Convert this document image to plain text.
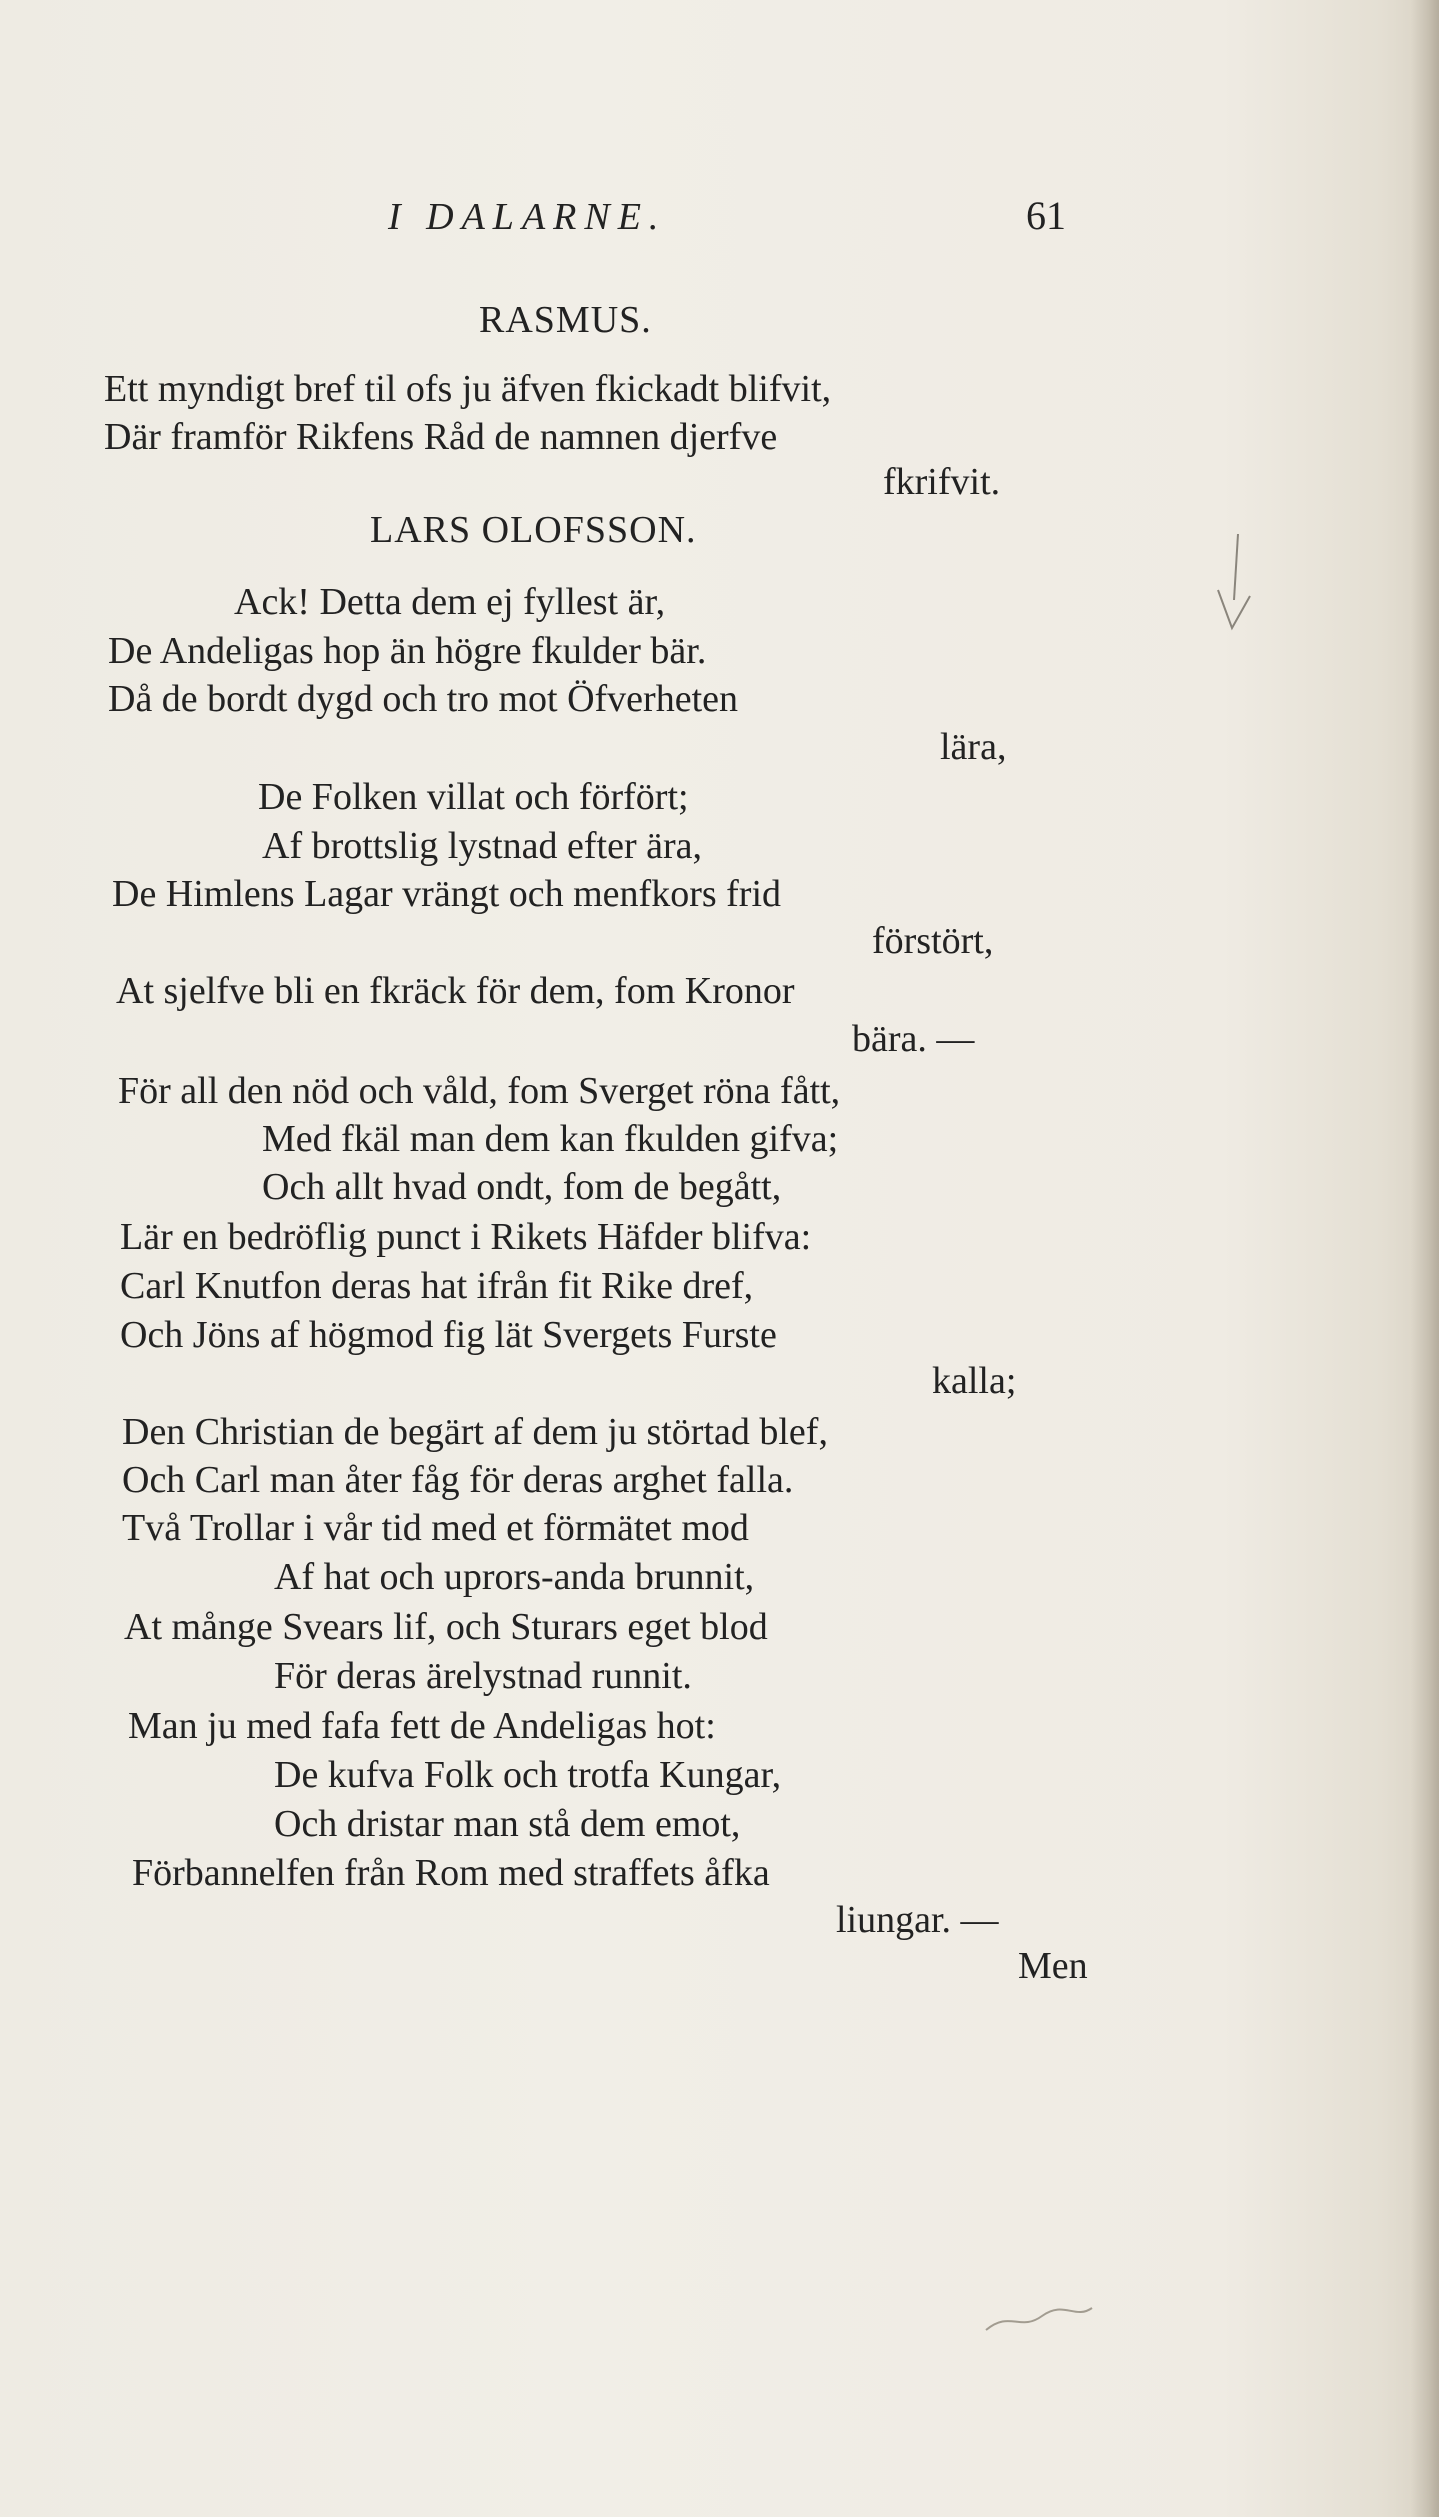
I DALARNE.	61
RASMUS.
Ett myndigt bref til ofs ju äfven fkickadt blifvit,
Där framför Rikfens Råd de namnen djerfve
fkrifvit.
LARS OLOFSSON.
Ack! Detta dem ej fyllest är,
De Andeligas hop än högre fkulder bär.
Då de bordt dygd och tro mot Öfverheten
lära,
De Folken villat och förfört;
Af brottslig lystnad efter ära,
De Himlens Lagar vrängt och menfkors frid
förstört,
At sjelfve bli en fkräck för dem, fom Kronor
bära. —
För all den nöd och våld, fom Sverget röna fått,
Med fkäl man dem kan fkulden gifva;
Och allt hvad ondt, fom de begått,
Lär en bedröflig punct i Rikets Häfder blifva:
Carl Knutfon deras hat ifrån fit Rike dref,
Och Jöns af högmod fig lät Svergets Furste
kalla;
Den Christian de begärt af dem ju störtad blef,
Och Carl man åter fåg för deras arghet falla.
Två Trollar i vår tid med et förmätet mod
Af hat och uprors-anda brunnit,
At månge Svears lif, och Sturars eget blod
För deras ärelystnad runnit.
Man ju med fafa fett de Andeligas hot:
De kufva Folk och trotfa Kungar,
Och dristar man stå dem emot,
Förbannelfen från Rom med straffets åfka
liungar. —
Men
